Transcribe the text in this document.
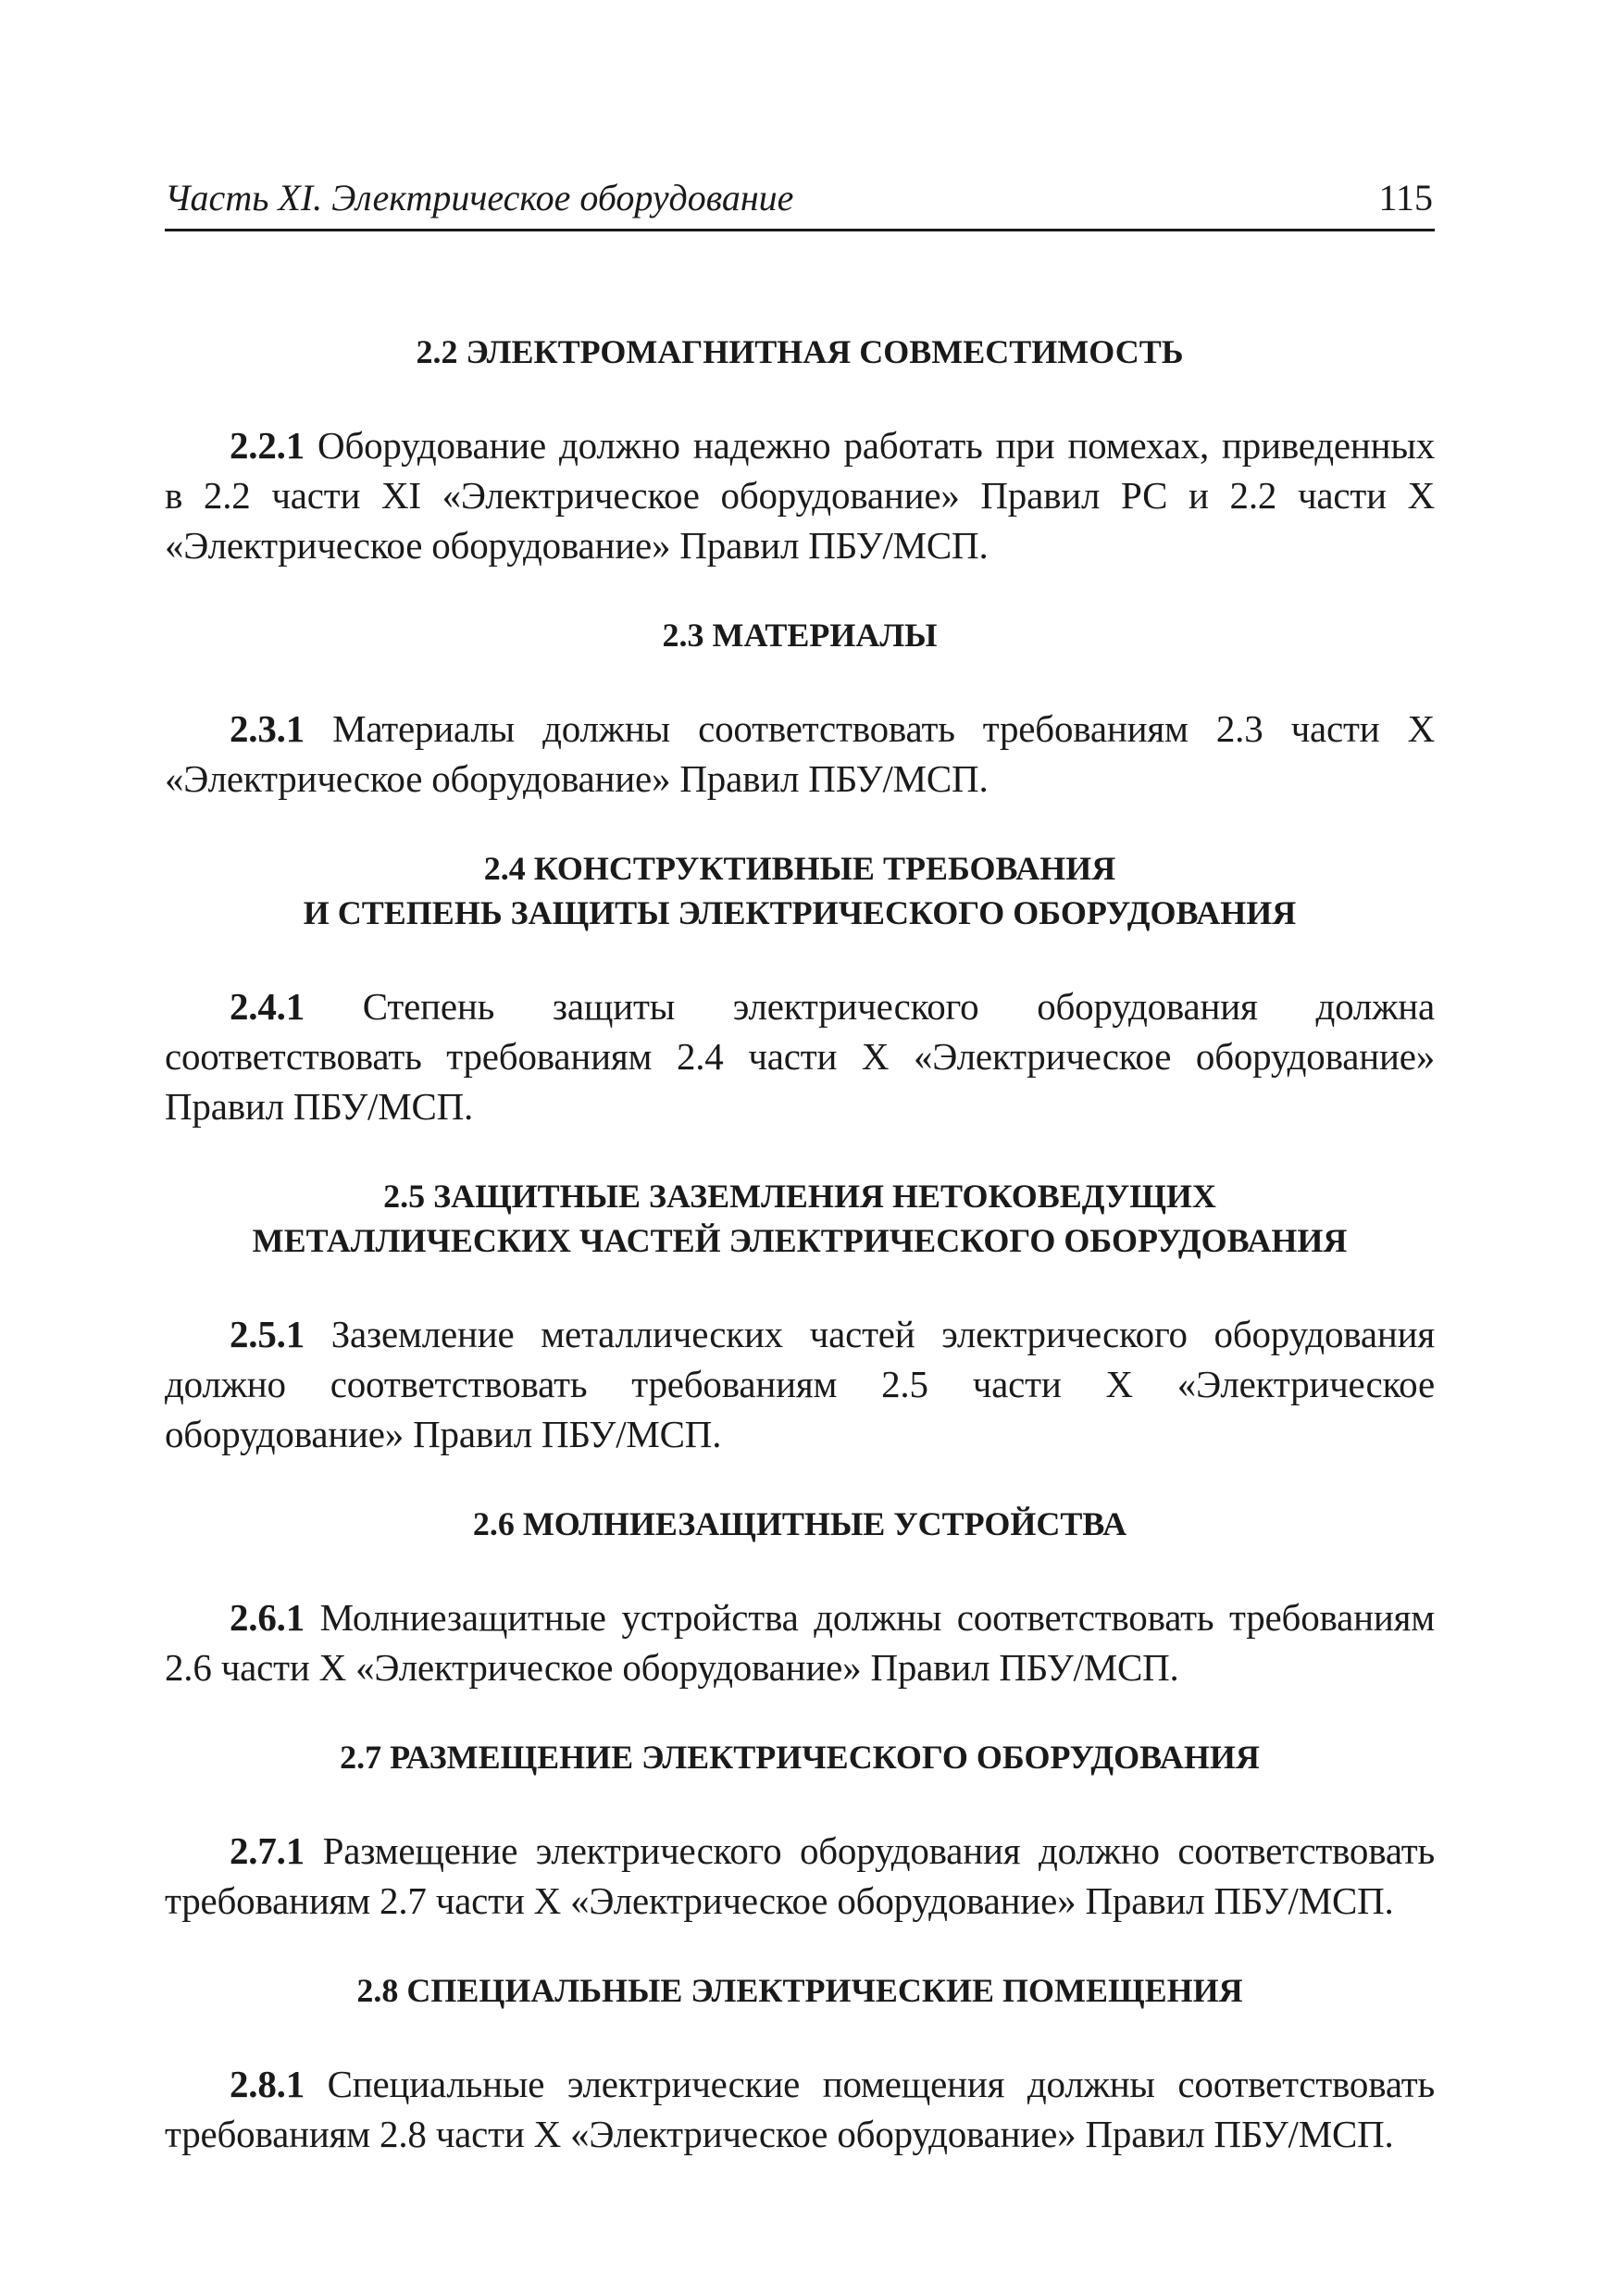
Часть XI. Электрическое оборудование	115
2.2 ЭЛЕКТРОМАГНИТНАЯ СОВМЕСТИМОСТЬ

2.2.1 Оборудование должно надежно работать при помехах, приведенных в 2.2 части XI «Электрическое оборудование» Правил РС и 2.2 части X «Электрическое оборудование» Правил ПБУ/МСП.

2.3 МАТЕРИАЛЫ

2.3.1 Материалы должны соответствовать требованиям 2.3 части X «Электрическое оборудование» Правил ПБУ/МСП.

2.4 КОНСТРУКТИВНЫЕ ТРЕБОВАНИЯ
И СТЕПЕНЬ ЗАЩИТЫ ЭЛЕКТРИЧЕСКОГО ОБОРУДОВАНИЯ

2.4.1 Степень защиты электрического оборудования должна соответствовать требованиям 2.4 части X «Электрическое оборудование» Правил ПБУ/МСП.

2.5 ЗАЩИТНЫЕ ЗАЗЕМЛЕНИЯ НЕТОКОВЕДУЩИХ
МЕТАЛЛИЧЕСКИХ ЧАСТЕЙ ЭЛЕКТРИЧЕСКОГО ОБОРУДОВАНИЯ

2.5.1 Заземление металлических частей электрического оборудования должно соответствовать требованиям 2.5 части X «Электрическое оборудование» Правил ПБУ/МСП.

2.6 МОЛНИЕЗАЩИТНЫЕ УСТРОЙСТВА

2.6.1 Молниезащитные устройства должны соответствовать требованиям 2.6 части X «Электрическое оборудование» Правил ПБУ/МСП.

2.7 РАЗМЕЩЕНИЕ ЭЛЕКТРИЧЕСКОГО ОБОРУДОВАНИЯ

2.7.1 Размещение электрического оборудования должно соответствовать требованиям 2.7 части X «Электрическое оборудование» Правил ПБУ/МСП.

2.8 СПЕЦИАЛЬНЫЕ ЭЛЕКТРИЧЕСКИЕ ПОМЕЩЕНИЯ

2.8.1 Специальные электрические помещения должны соответствовать требованиям 2.8 части X «Электрическое оборудование» Правил ПБУ/МСП.
